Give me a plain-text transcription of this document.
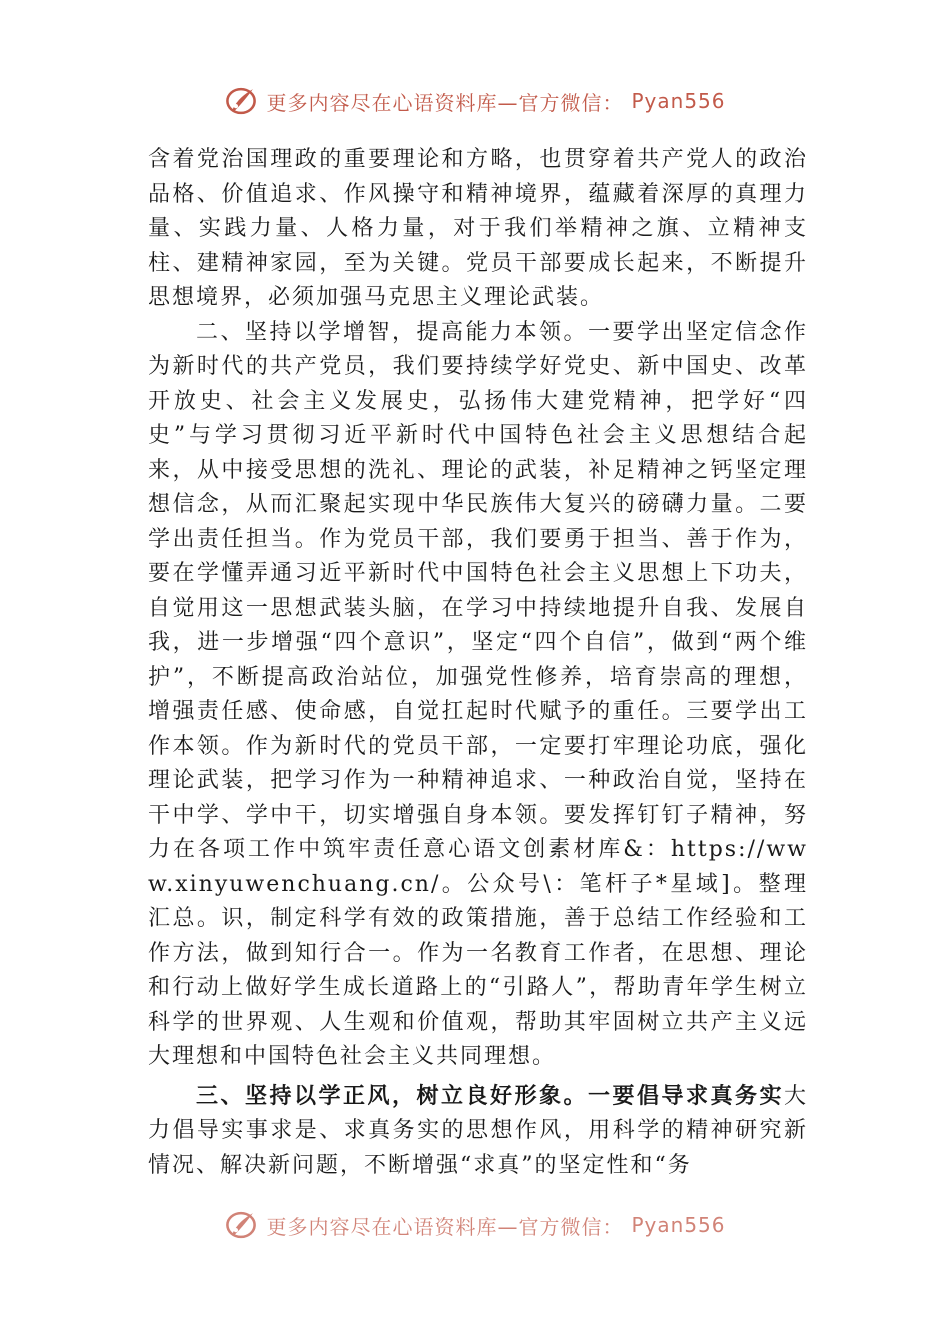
更多内容尽在心语资料库—官方微信： Pyan556

含着党治国理政的重要理论和方略，也贯穿着共产党人的政治品格、价值追求、作风操守和精神境界，蕴藏着深厚的真理力量、实践力量、人格力量，对于我们举精神之旗、立精神支柱、建精神家园，至为关键。党员干部要成长起来，不断提升思想境界，必须加强马克思主义理论武装。

二、坚持以学增智，提高能力本领。一要学出坚定信念作为新时代的共产党员，我们要持续学好党史、新中国史、改革开放史、社会主义发展史，弘扬伟大建党精神，把学好“四史”与学习贯彻习近平新时代中国特色社会主义思想结合起来，从中接受思想的洗礼、理论的武装，补足精神之钙坚定理想信念，从而汇聚起实现中华民族伟大复兴的磅礴力量。二要学出责任担当。作为党员干部，我们要勇于担当、善于作为，要在学懂弄通习近平新时代中国特色社会主义思想上下功夫，自觉用这一思想武装头脑，在学习中持续地提升自我、发展自我，进一步增强“四个意识”，坚定“四个自信”，做到“两个维护”，不断提高政治站位，加强党性修养，培育崇高的理想，增强责任感、使命感，自觉扛起时代赋予的重任。三要学出工作本领。作为新时代的党员干部，一定要打牢理论功底，强化理论武装，把学习作为一种精神追求、一种政治自觉，坚持在干中学、学中干，切实增强自身本领。要发挥钉钉子精神，努力在各项工作中筑牢责任意心语文创素材库&：https://www.xinyuwenchuang.cn/。公众号\：笔杆子*星域]。整理汇总。识，制定科学有效的政策措施，善于总结工作经验和工作方法，做到知行合一。作为一名教育工作者，在思想、理论和行动上做好学生成长道路上的“引路人”，帮助青年学生树立科学的世界观、人生观和价值观，帮助其牢固树立共产主义远大理想和中国特色社会主义共同理想。

三、坚持以学正风，树立良好形象。一要倡导求真务实大力倡导实事求是、求真务实的思想作风，用科学的精神研究新情况、解决新问题，不断增强“求真”的坚定性和“务

更多内容尽在心语资料库—官方微信： Pyan556
